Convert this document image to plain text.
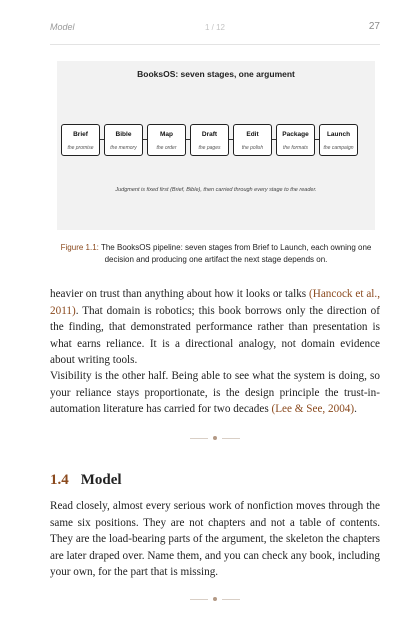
Model	1 / 12	27
BooksOS: seven stages, one argument
Brief
the promise
Bible
the memory
Map
the order
Draft
the pages
Edit
the polish
Package
the formats
Launch
the campaign
Judgment is fixed first (Brief, Bible), then carried through every stage to the reader.
Figure 1.1: The BooksOS pipeline: seven stages from Brief to Launch, each owning one decision and producing one artifact the next stage depends on.

heavier on trust than anything about how it looks or talks (Hancock et al., 2011). That domain is robotics; this book borrows only the direction of the finding, that demonstrated performance rather than presentation is what earns reliance. It is a directional analogy, not domain evidence about writing tools.

Visibility is the other half. Being able to see what the system is doing, so your reliance stays proportionate, is the design principle the trust-in-automation literature has carried for two decades (Lee & See, 2004).

1.4 Model

Read closely, almost every serious work of nonfiction moves through the same six positions. They are not chapters and not a table of contents. They are the load-bearing parts of the argument, the skeleton the chapters are later draped over. Name them, and you can check any book, including your own, for the part that is missing.
